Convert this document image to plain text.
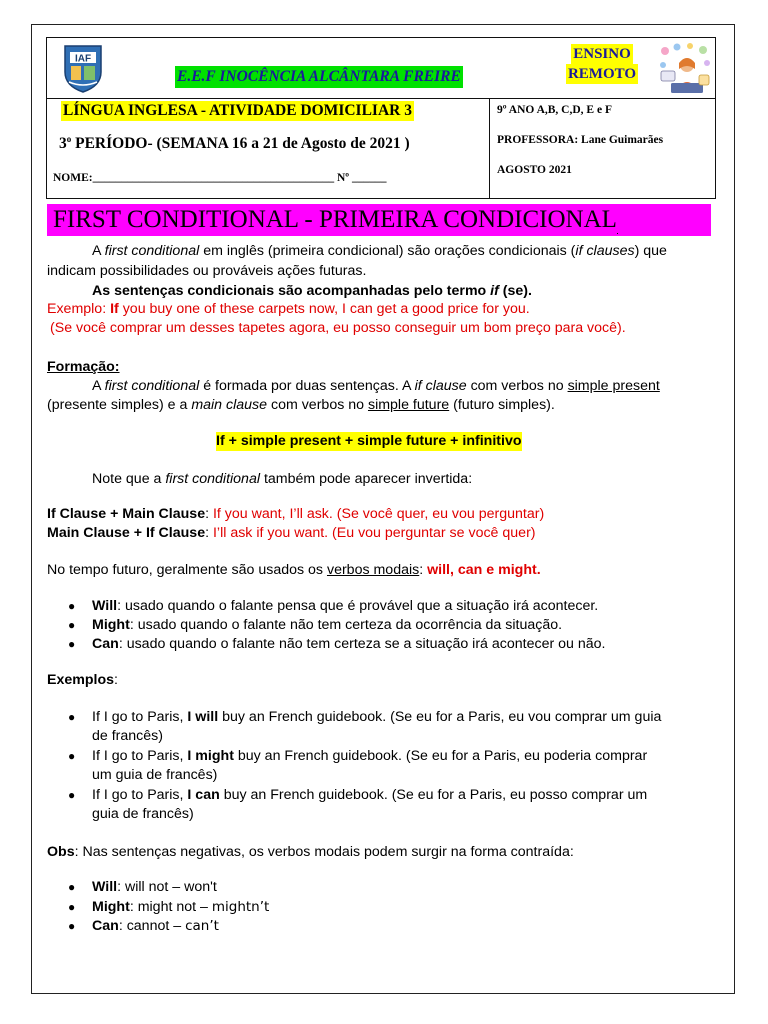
IAF
E.E.F INOCÊNCIA ALCÂNTARA FREIRE
ENSINO
REMOTO
LÍNGUA INGLESA - ATIVIDADE DOMICILIAR 3
3$^o$ PERÍODO- (SEMANA 16 a 21 de Agosto de 2021 )
NOME:__________________________________________ Nº ______
9º ANO A,B, C,D, E e F
PROFESSORA: Lane Guimarães
AGOSTO 2021
FIRST CONDITIONAL - PRIMEIRA CONDICIONAL
A first conditional em inglês (primeira condicional) são orações condicionais (if clauses) que
indicam possibilidades ou prováveis ações futuras.
As sentenças condicionais são acompanhadas pelo termo if (se).
Exemplo: If you buy one of these carpets now, I can get a good price for you.
(Se você comprar um desses tapetes agora, eu posso conseguir um bom preço para você).
Formação:
A first conditional é formada por duas sentenças. A if clause com verbos no simple present
(presente simples) e a main clause com verbos no simple future (futuro simples).
If + simple present + simple future + infinitivo
Note que a first conditional também pode aparecer invertida:
If Clause + Main Clause: If you want, I’ll ask. (Se você quer, eu vou perguntar)
Main Clause + If Clause: I’ll ask if you want. (Eu vou perguntar se você quer)
No tempo futuro, geralmente são usados os verbos modais: will, can e might.
● Will: usado quando o falante pensa que é provável que a situação irá acontecer.
● Might: usado quando o falante não tem certeza da ocorrência da situação.
● Can: usado quando o falante não tem certeza se a situação irá acontecer ou não.
Exemplos:
● If I go to Paris, I will buy an French guidebook. (Se eu for a Paris, eu vou comprar um guia
de francês)
● If I go to Paris, I might buy an French guidebook. (Se eu for a Paris, eu poderia comprar
um guia de francês)
● If I go to Paris, I can buy an French guidebook. (Se eu for a Paris, eu posso comprar um
guia de francês)
Obs: Nas sentenças negativas, os verbos modais podem surgir na forma contraída:
● Will: will not – won't
● Might: might not – mightn’t
● Can: cannot – can’t
